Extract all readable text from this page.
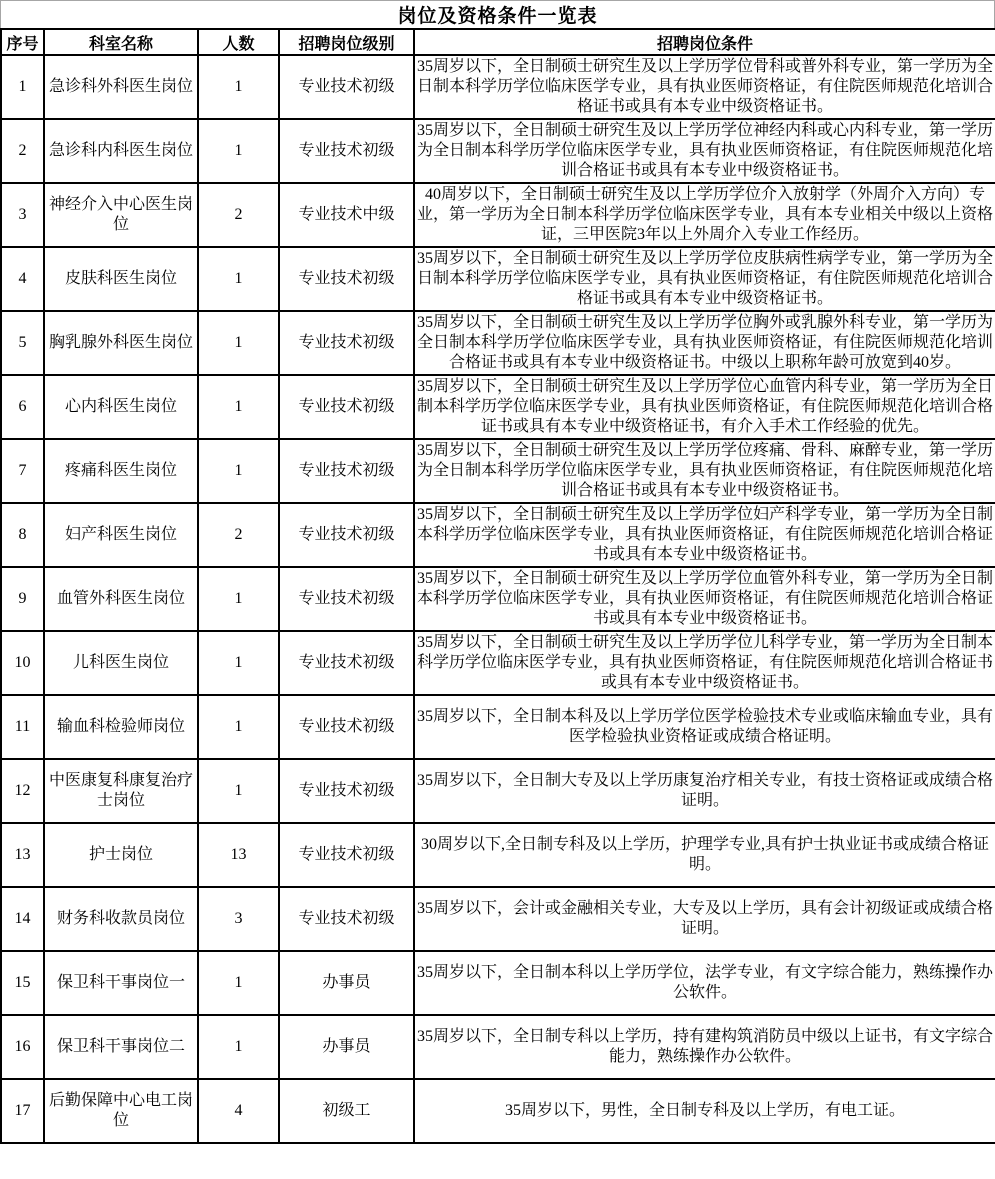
岗位及资格条件一览表
序号	科室名称	人数	招聘岗位级别	招聘岗位条件
1	急诊科外科医生岗位	1	专业技术初级	35周岁以下，全日制硕士研究生及以上学历学位骨科或普外科专业，第一学历为全日制本科学历学位临床医学专业，具有执业医师资格证，有住院医师规范化培训合格证书或具有本专业中级资格证书。

2	急诊科内科医生岗位	1	专业技术初级	35周岁以下，全日制硕士研究生及以上学历学位神经内科或心内科专业，第一学历为全日制本科学历学位临床医学专业，具有执业医师资格证，有住院医师规范化培训合格证书或具有本专业中级资格证书。

3	神经介入中心医生岗位	2	专业技术中级	40周岁以下，全日制硕士研究生及以上学历学位介入放射学（外周介入方向）专业，第一学历为全日制本科学历学位临床医学专业，具有本专业相关中级以上资格证，三甲医院3年以上外周介入专业工作经历。

4	皮肤科医生岗位	1	专业技术初级	35周岁以下，全日制硕士研究生及以上学历学位皮肤病性病学专业，第一学历为全日制本科学历学位临床医学专业，具有执业医师资格证，有住院医师规范化培训合格证书或具有本专业中级资格证书。

5	胸乳腺外科医生岗位	1	专业技术初级	35周岁以下，全日制硕士研究生及以上学历学位胸外或乳腺外科专业，第一学历为全日制本科学历学位临床医学专业，具有执业医师资格证，有住院医师规范化培训合格证书或具有本专业中级资格证书。中级以上职称年龄可放宽到40岁。

6	心内科医生岗位	1	专业技术初级	35周岁以下，全日制硕士研究生及以上学历学位心血管内科专业，第一学历为全日制本科学历学位临床医学专业，具有执业医师资格证，有住院医师规范化培训合格证书或具有本专业中级资格证书，有介入手术工作经验的优先。

7	疼痛科医生岗位	1	专业技术初级	35周岁以下，全日制硕士研究生及以上学历学位疼痛、骨科、麻醉专业，第一学历为全日制本科学历学位临床医学专业，具有执业医师资格证，有住院医师规范化培训合格证书或具有本专业中级资格证书。

8	妇产科医生岗位	2	专业技术初级	35周岁以下，全日制硕士研究生及以上学历学位妇产科学专业，第一学历为全日制本科学历学位临床医学专业，具有执业医师资格证，有住院医师规范化培训合格证书或具有本专业中级资格证书。

9	血管外科医生岗位	1	专业技术初级	35周岁以下，全日制硕士研究生及以上学历学位血管外科专业，第一学历为全日制本科学历学位临床医学专业，具有执业医师资格证，有住院医师规范化培训合格证书或具有本专业中级资格证书。

10	儿科医生岗位	1	专业技术初级	35周岁以下，全日制硕士研究生及以上学历学位儿科学专业，第一学历为全日制本科学历学位临床医学专业，具有执业医师资格证，有住院医师规范化培训合格证书或具有本专业中级资格证书。

11	输血科检验师岗位	1	专业技术初级	35周岁以下，全日制本科及以上学历学位医学检验技术专业或临床输血专业，具有医学检验执业资格证或成绩合格证明。

12	中医康复科康复治疗士岗位	1	专业技术初级	35周岁以下，全日制大专及以上学历康复治疗相关专业，有技士资格证或成绩合格证明。

13	护士岗位	13	专业技术初级	30周岁以下,全日制专科及以上学历，护理学专业,具有护士执业证书或成绩合格证明。

14	财务科收款员岗位	3	专业技术初级	35周岁以下，会计或金融相关专业，大专及以上学历，具有会计初级证或成绩合格证明。

15	保卫科干事岗位一	1	办事员	35周岁以下，全日制本科以上学历学位，法学专业，有文字综合能力，熟练操作办公软件。

16	保卫科干事岗位二	1	办事员	35周岁以下，全日制专科以上学历，持有建构筑消防员中级以上证书，有文字综合能力，熟练操作办公软件。

17	后勤保障中心电工岗位	4	初级工	35周岁以下，男性，全日制专科及以上学历，有电工证。
